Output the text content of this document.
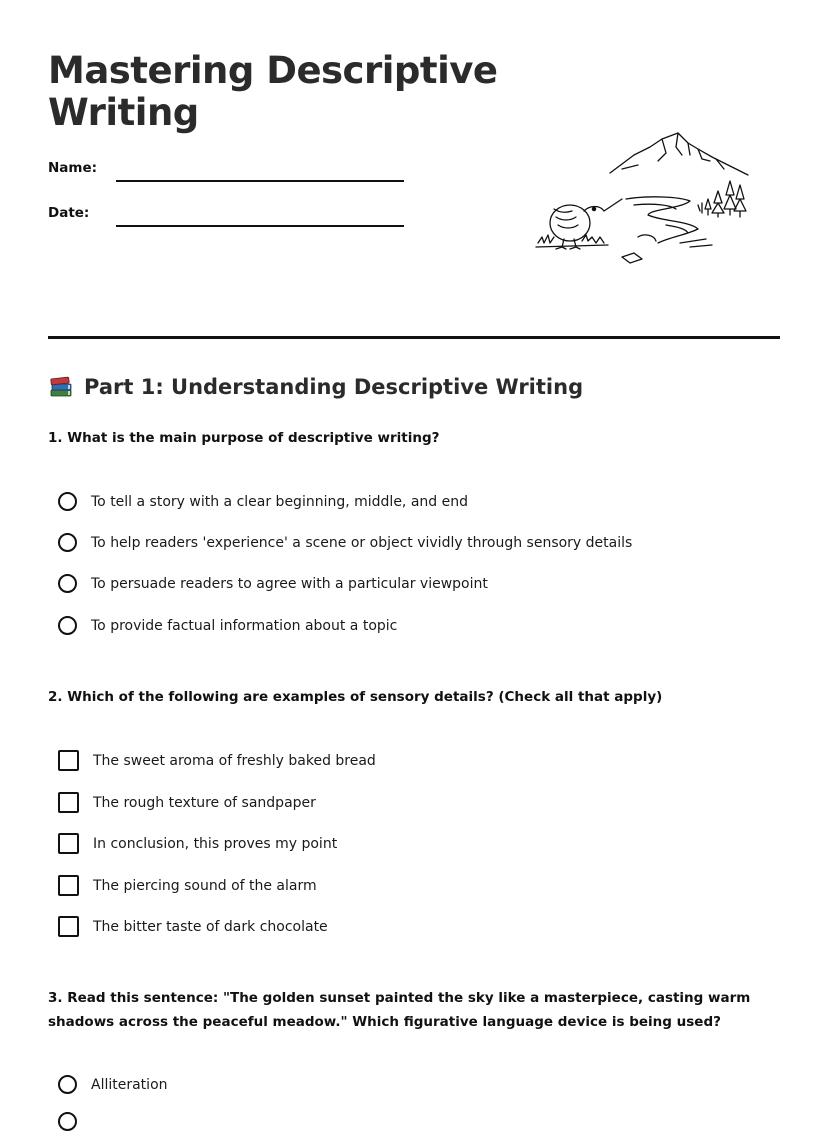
Mastering Descriptive Writing
Name:
Date:
Part 1: Understanding Descriptive Writing
1. What is the main purpose of descriptive writing?
To tell a story with a clear beginning, middle, and end
To help readers 'experience' a scene or object vividly through sensory details
To persuade readers to agree with a particular viewpoint
To provide factual information about a topic
2. Which of the following are examples of sensory details? (Check all that apply)
The sweet aroma of freshly baked bread
The rough texture of sandpaper
In conclusion, this proves my point
The piercing sound of the alarm
The bitter taste of dark chocolate
3. Read this sentence: "The golden sunset painted the sky like a masterpiece, casting warm shadows across the peaceful meadow." Which figurative language device is being used?
Alliteration
